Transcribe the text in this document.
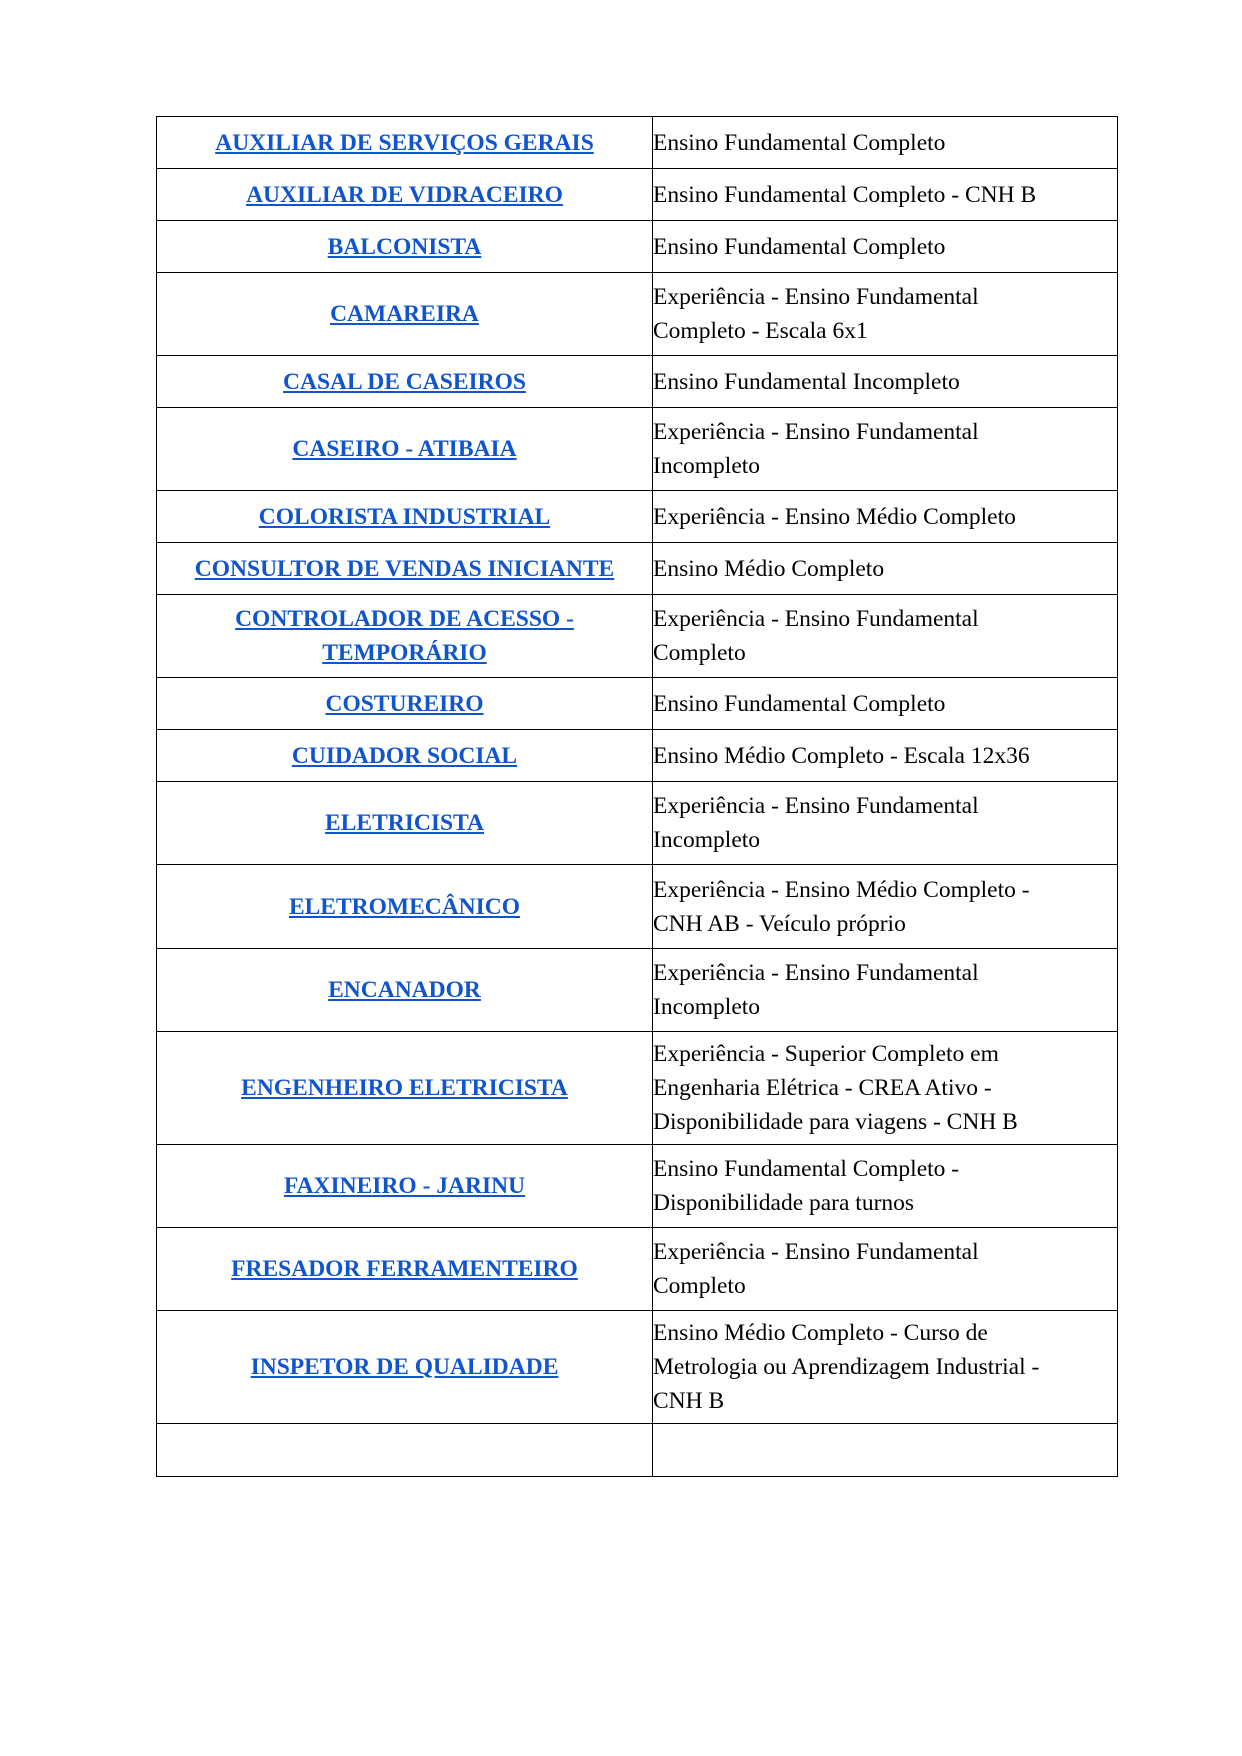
AUXILIAR DE SERVIÇOS GERAIS	Ensino Fundamental Completo

AUXILIAR DE VIDRACEIRO	Ensino Fundamental Completo - CNH B

BALCONISTA	Ensino Fundamental Completo

CAMAREIRA	Experiência - Ensino Fundamental
Completo - Escala 6x1

CASAL DE CASEIROS	Ensino Fundamental Incompleto

CASEIRO - ATIBAIA	Experiência - Ensino Fundamental
Incompleto

COLORISTA INDUSTRIAL	Experiência - Ensino Médio Completo

CONSULTOR DE VENDAS INICIANTE	Ensino Médio Completo

CONTROLADOR DE ACESSO -
TEMPORÁRIO	Experiência - Ensino Fundamental
Completo

COSTUREIRO	Ensino Fundamental Completo

CUIDADOR SOCIAL	Ensino Médio Completo - Escala 12x36

ELETRICISTA	Experiência - Ensino Fundamental
Incompleto

ELETROMECÂNICO	Experiência - Ensino Médio Completo -
CNH AB - Veículo próprio

ENCANADOR	Experiência - Ensino Fundamental
Incompleto

ENGENHEIRO ELETRICISTA	Experiência - Superior Completo em
Engenharia Elétrica - CREA Ativo -
Disponibilidade para viagens - CNH B

FAXINEIRO - JARINU	Ensino Fundamental Completo -
Disponibilidade para turnos

FRESADOR FERRAMENTEIRO	Experiência - Ensino Fundamental
Completo

INSPETOR DE QUALIDADE	Ensino Médio Completo - Curso de
Metrologia ou Aprendizagem Industrial -
CNH B
